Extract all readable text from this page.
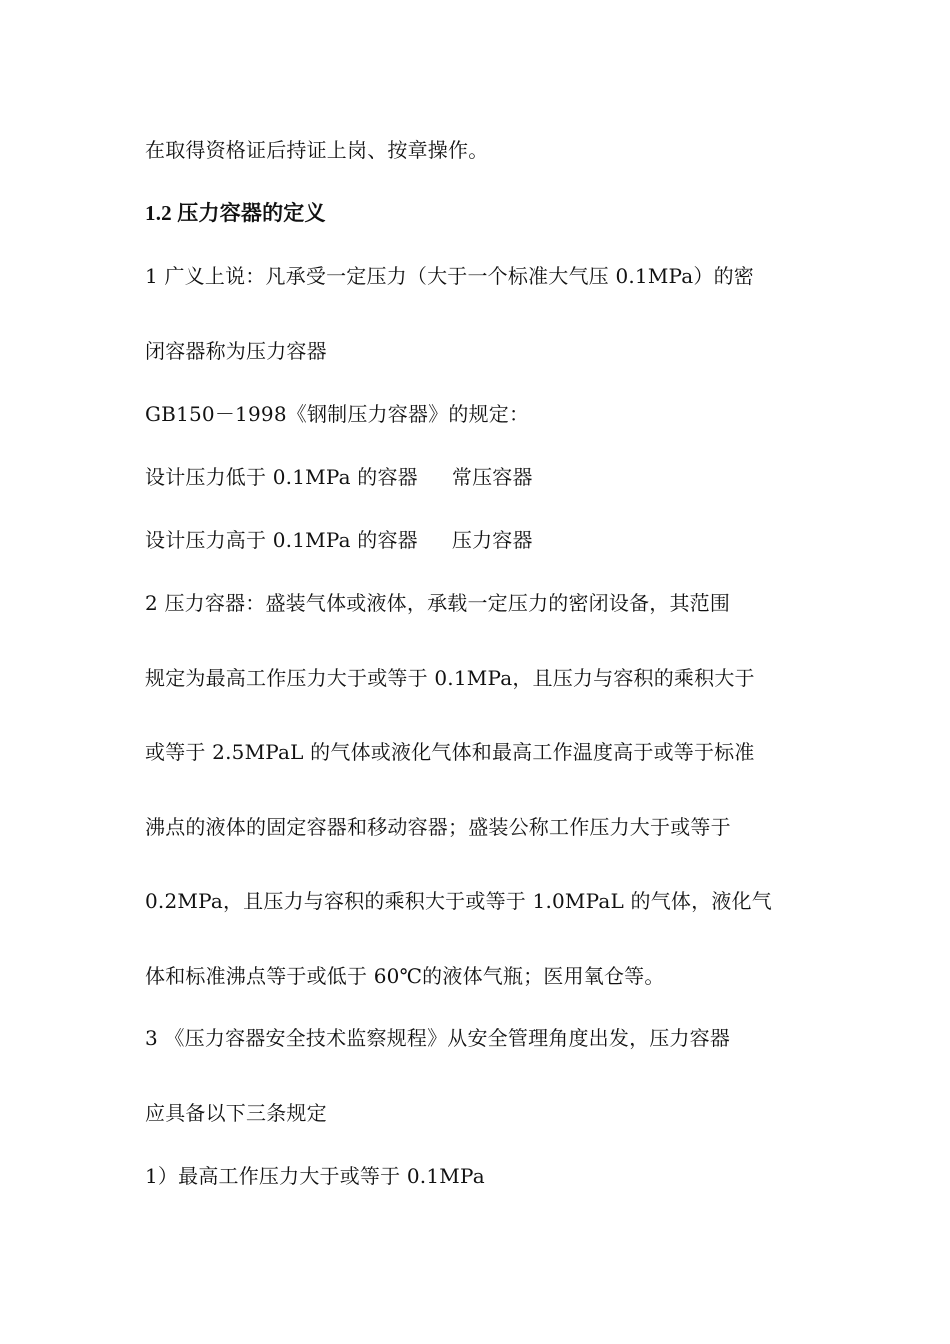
在取得资格证后持证上岗、按章操作。
1.2 压力容器的定义
1 广义上说：凡承受一定压力（大于一个标准大气压 0.1MPa）的密
闭容器称为压力容器
GB150－1998《钢制压力容器》的规定：
设计压力低于 0.1MPa 的容器 常压容器
设计压力高于 0.1MPa 的容器 压力容器
2 压力容器：盛装气体或液体，承载一定压力的密闭设备，其范围
规定为最高工作压力大于或等于 0.1MPa，且压力与容积的乘积大于
或等于 2.5MPaL 的气体或液化气体和最高工作温度高于或等于标准
沸点的液体的固定容器和移动容器；盛装公称工作压力大于或等于
0.2MPa，且压力与容积的乘积大于或等于 1.0MPaL 的气体，液化气
体和标准沸点等于或低于 60℃的液体气瓶；医用氧仓等。
3 《压力容器安全技术监察规程》从安全管理角度出发，压力容器
应具备以下三条规定
1）最高工作压力大于或等于 0.1MPa
